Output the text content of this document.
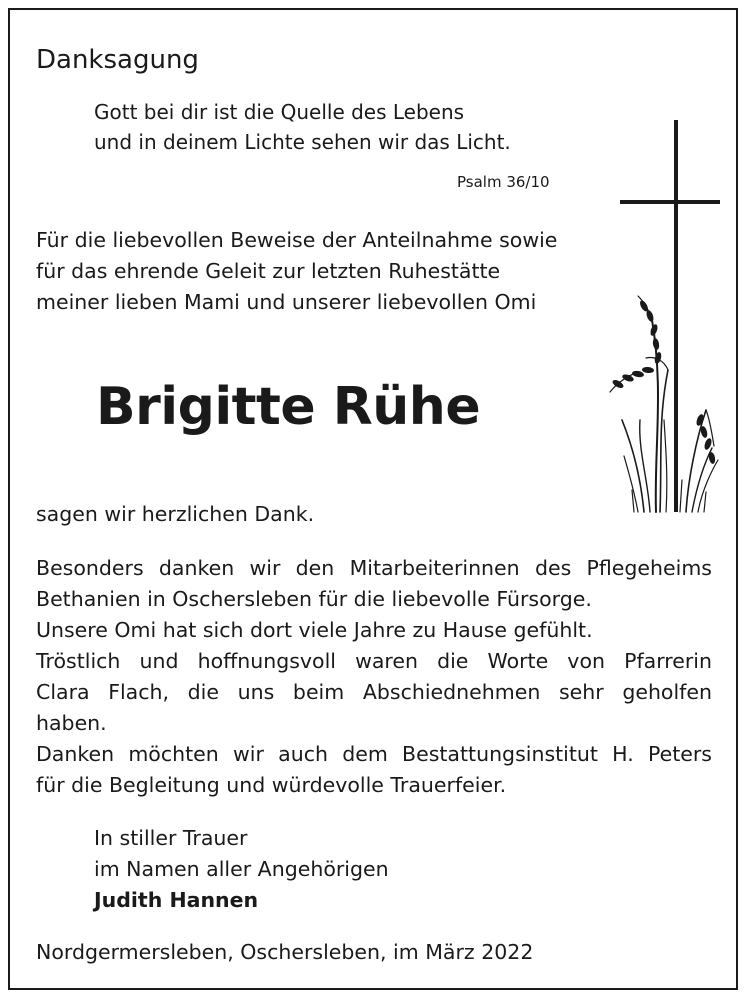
Danksagung
Gott bei dir ist die Quelle des Lebens
und in deinem Lichte sehen wir das Licht.
Psalm 36/10
Für die liebevollen Beweise der Anteilnahme sowie
für das ehrende Geleit zur letzten Ruhestätte
meiner lieben Mami und unserer liebevollen Omi
Brigitte Rühe
sagen wir herzlichen Dank.
Besonders danken wir den Mitarbeiterinnen des Pflegeheims
Bethanien in Oschersleben für die liebevolle Fürsorge.
Unsere Omi hat sich dort viele Jahre zu Hause gefühlt.
Tröstlich und hoffnungsvoll waren die Worte von Pfarrerin
Clara Flach, die uns beim Abschiednehmen sehr geholfen
haben.
Danken möchten wir auch dem Bestattungsinstitut H. Peters
für die Begleitung und würdevolle Trauerfeier.
In stiller Trauer
im Namen aller Angehörigen
Judith Hannen
Nordgermersleben, Oschersleben, im März 2022
